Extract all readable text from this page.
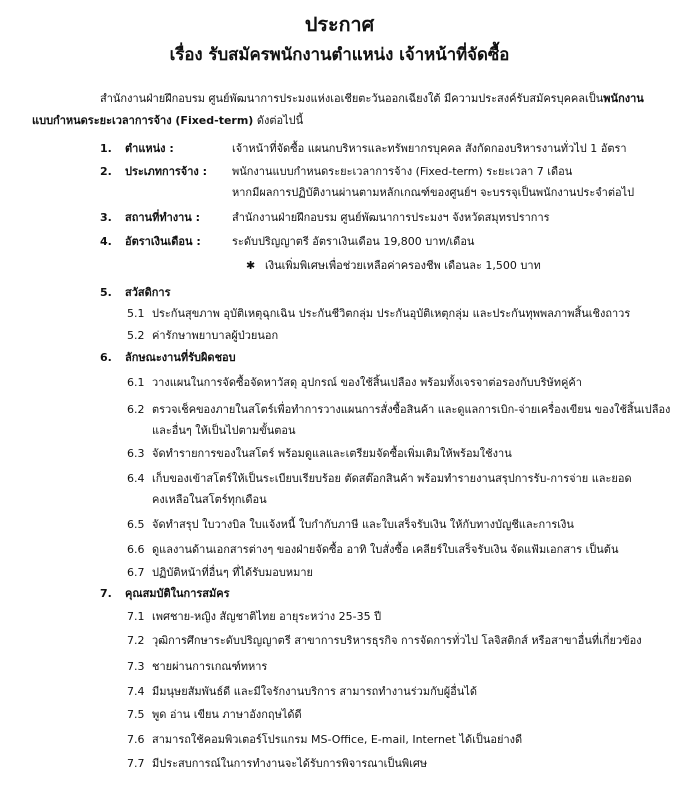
ประกาศ
เรื่อง รับสมัครพนักงานตำแหน่ง เจ้าหน้าที่จัดซื้อ
สำนักงานฝ่ายฝึกอบรม ศูนย์พัฒนาการประมงแห่งเอเชียตะวันออกเฉียงใต้ มีความประสงค์รับสมัครบุคคลเป็นพนักงาน
แบบกำหนดระยะเวลาการจ้าง (Fixed-term) ดังต่อไปนี้
1. ตำแหน่ง :	เจ้าหน้าที่จัดซื้อ แผนกบริหารและทรัพยากรบุคคล สังกัดกองบริหารงานทั่วไป 1 อัตรา
2. ประเภทการจ้าง : พนักงานแบบกำหนดระยะเวลาการจ้าง (Fixed-term) ระยะเวลา 7 เดือน
หากมีผลการปฏิบัติงานผ่านตามหลักเกณฑ์ของศูนย์ฯ จะบรรจุเป็นพนักงานประจำต่อไป
3. สถานที่ทำงาน :	สำนักงานฝ่ายฝึกอบรม ศูนย์พัฒนาการประมงฯ จังหวัดสมุทรปราการ
4. อัตราเงินเดือน :	ระดับปริญญาตรี อัตราเงินเดือน 19,800 บาท/เดือน
✱ เงินเพิ่มพิเศษเพื่อช่วยเหลือค่าครองชีพ เดือนละ 1,500 บาท
5. สวัสดิการ
5.1 ประกันสุขภาพ อุบัติเหตุฉุกเฉิน ประกันชีวิตกลุ่ม ประกันอุบัติเหตุกลุ่ม และประกันทุพพลภาพสิ้นเชิงถาวร
5.2 ค่ารักษาพยาบาลผู้ป่วยนอก
6. ลักษณะงานที่รับผิดชอบ
6.1 วางแผนในการจัดซื้อจัดหาวัสดุ อุปกรณ์ ของใช้สิ้นเปลือง พร้อมทั้งเจรจาต่อรองกับบริษัทคู่ค้า
6.2 ตรวจเช็คของภายในสโตร์เพื่อทำการวางแผนการสั่งซื้อสินค้า และดูแลการเบิก-จ่ายเครื่องเขียน ของใช้สิ้นเปลือง
และอื่นๆ ให้เป็นไปตามขั้นตอน
6.3 จัดทำรายการของในสโตร์ พร้อมดูแลและเตรียมจัดซื้อเพิ่มเติมให้พร้อมใช้งาน
6.4 เก็บของเข้าสโตร์ให้เป็นระเบียบเรียบร้อย ตัดสต๊อกสินค้า พร้อมทำรายงานสรุปการรับ-การจ่าย และยอด
คงเหลือในสโตร์ทุกเดือน
6.5 จัดทำสรุป ใบวางบิล ใบแจ้งหนี้ ใบกำกับภาษี และใบเสร็จรับเงิน ให้กับทางบัญชีและการเงิน
6.6 ดูแลงานด้านเอกสารต่างๆ ของฝ่ายจัดซื้อ อาทิ ใบสั่งซื้อ เคลียร์ใบเสร็จรับเงิน จัดแฟ้มเอกสาร เป็นต้น
6.7 ปฏิบัติหน้าที่อื่นๆ ที่ได้รับมอบหมาย
7. คุณสมบัติในการสมัคร
7.1 เพศชาย-หญิง สัญชาติไทย อายุระหว่าง 25-35 ปี
7.2 วุฒิการศึกษาระดับปริญญาตรี สาขาการบริหารธุรกิจ การจัดการทั่วไป โลจิสติกส์ หรือสาขาอื่นที่เกี่ยวข้อง
7.3 ชายผ่านการเกณฑ์ทหาร
7.4 มีมนุษยสัมพันธ์ดี และมีใจรักงานบริการ สามารถทำงานร่วมกับผู้อื่นได้
7.5 พูด อ่าน เขียน ภาษาอังกฤษได้ดี
7.6 สามารถใช้คอมพิวเตอร์โปรแกรม MS-Office, E-mail, Internet ได้เป็นอย่างดี
7.7 มีประสบการณ์ในการทำงานจะได้รับการพิจารณาเป็นพิเศษ
